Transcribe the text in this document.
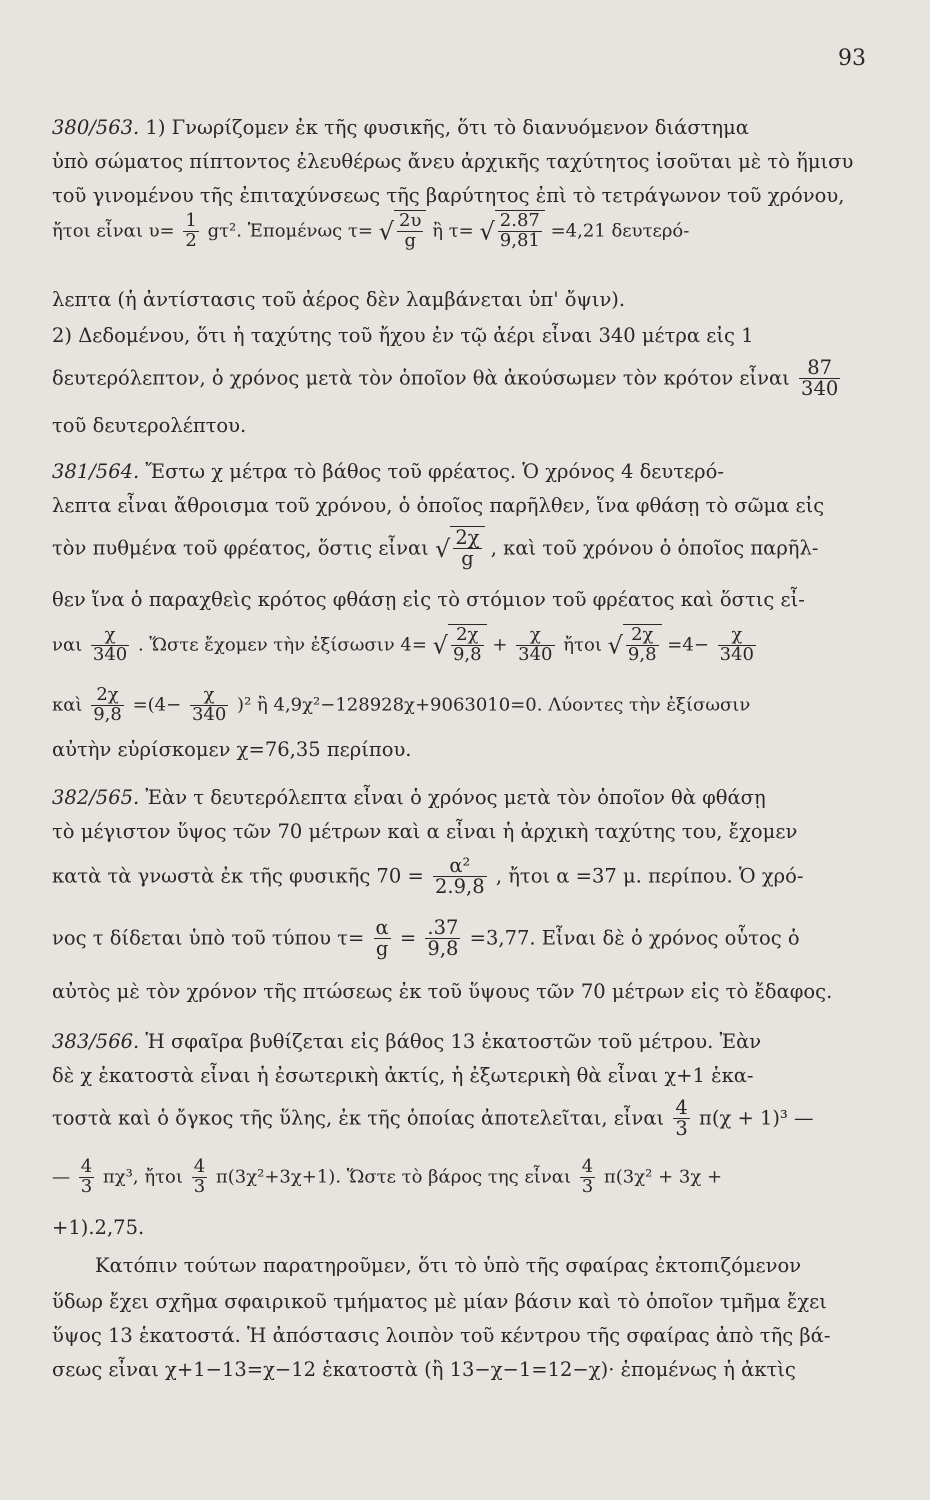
93
380/563. 1) Γνωρίζομεν ἐκ τῆς φυσικῆς, ὅτι τὸ διανυόμενον διάστημα
ὑπὸ σώματος πίπτοντος ἐλευθέρως ἄνευ ἀρχικῆς ταχύτητος ἰσοῦται μὲ τὸ ἥμισυ
τοῦ γινομένου τῆς ἐπιταχύνσεως τῆς βαρύτητος ἐπὶ τὸ τετράγωνον τοῦ χρόνου,
ἤτοι εἶναι $\upsilon= \frac{1}{2} g\tau^2$. Ἑπομένως τ= √ $\frac{2\upsilon}{g}$ ἢ τ= √ $\frac{2.87}{9,81} =4,21$ δευτερό-
λεπτα (ἡ ἀντίστασις τοῦ ἀέρος δὲν λαμβάνεται ὑπ' ὄψιν).
2) Δεδομένου, ὅτι ἡ ταχύτης τοῦ ἤχου ἐν τῷ ἀέρι εἶναι 340 μέτρα εἰς 1
δευτερόλεπτον, ὁ χρόνος μετὰ τὸν ὁποῖον θὰ ἀκούσωμεν τὸν κρότον εἶναι $\frac{87}{340}$
τοῦ δευτερολέπτου.
381/564. Ἔστω χ μέτρα τὸ βάθος τοῦ φρέατος. Ὁ χρόνος 4 δευτερό-
λεπτα εἶναι ἄθροισμα τοῦ χρόνου, ὁ ὁποῖος παρῆλθεν, ἵνα φθάσῃ τὸ σῶμα εἰς
τὸν πυθμένα τοῦ φρέατος, ὅστις εἶναι √ $\frac{2\chi}{g}$ , καὶ τοῦ χρόνου ὁ ὁποῖος παρῆλ-
θεν ἵνα ὁ παραχθεὶς κρότος φθάσῃ εἰς τὸ στόμιον τοῦ φρέατος καὶ ὅστις εἶ-
ναι $\frac{\chi}{340}$ . Ὥστε ἔχομεν τὴν ἐξίσωσιν 4= √ $\frac{2\chi}{9,8} + \frac{\chi}{340}$ ἤτοι √ $\frac{2\chi}{9,8} =4- \frac{\chi}{340}$
καὶ $\frac{2\chi}{9,8} =(4- \frac{\chi}{340} )^2$ ἢ 4,9χ²−128928χ+9063010=0. Λύοντες τὴν ἐξίσωσιν
αὐτὴν εὑρίσκομεν χ=76,35 περίπου.
382/565. Ἐὰν τ δευτερόλεπτα εἶναι ὁ χρόνος μετὰ τὸν ὁποῖον θὰ φθάσῃ
τὸ μέγιστον ὕψος τῶν 70 μέτρων καὶ α εἶναι ἡ ἀρχικὴ ταχύτης του, ἔχομεν
κατὰ τὰ γνωστὰ ἐκ τῆς φυσικῆς $70 = \frac{\text{α²}}{2.9,8}$ , ἤτοι α =37 μ. περίπου. Ὁ χρό-
νος τ δίδεται ὑπὸ τοῦ τύπου $\tau= \frac{\alpha}{g} = \frac{.37}{9,8} =3,77$. Εἶναι δὲ ὁ χρόνος οὗτος ὁ
αὐτὸς μὲ τὸν χρόνον τῆς πτώσεως ἐκ τοῦ ὕψους τῶν 70 μέτρων εἰς τὸ ἔδαφος.
383/566. Ἡ σφαῖρα βυθίζεται εἰς βάθος 13 ἑκατοστῶν τοῦ μέτρου. Ἐὰν
δὲ χ ἑκατοστὰ εἶναι ἡ ἐσωτερικὴ ἀκτίς, ἡ ἐξωτερικὴ θὰ εἶναι χ+1 ἑκα-
τοστὰ καὶ ὁ ὄγκος τῆς ὕλης, ἐκ τῆς ὁποίας ἀποτελεῖται, εἶναι $\frac{4}{3} \pi(\chi + 1)^3$ —
— $\frac{4}{3} \pi\chi^3$, ἤτοι $\frac{4}{3} \pi(3\chi^2+3\chi+1)$. Ὥστε τὸ βάρος της εἶναι $\frac{4}{3} \pi(3\chi^2 + 3\chi$ +
+1).2,75.
Κατόπιν τούτων παρατηροῦμεν, ὅτι τὸ ὑπὸ τῆς σφαίρας ἐκτοπιζόμενον
ὕδωρ ἔχει σχῆμα σφαιρικοῦ τμήματος μὲ μίαν βάσιν καὶ τὸ ὁποῖον τμῆμα ἔχει
ὕψος 13 ἑκατοστά. Ἡ ἀπόστασις λοιπὸν τοῦ κέντρου τῆς σφαίρας ἀπὸ τῆς βά-
σεως εἶναι χ+1−13=χ−12 ἑκατοστὰ (ἢ 13−χ−1=12−χ)· ἐπομένως ἡ ἀκτὶς
